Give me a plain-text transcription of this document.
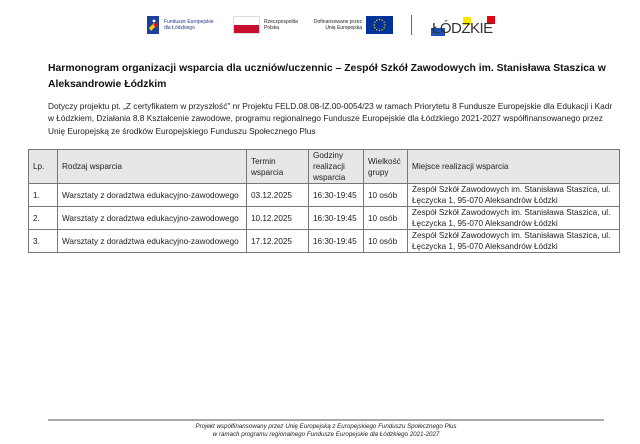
Fundusze Europejskie
dla Łódzkiego
Rzeczpospolita
Polska
Dofinansowane przez
Unię Europejską	ŁÓDZKIE
Harmonogram organizacji wsparcia dla uczniów/uczennic – Zespół Szkół Zawodowych im. Stanisława Staszica w Aleksandrowie Łódzkim
Dotyczy projektu pt. „Z certyfikatem w przyszłość" nr Projektu FELD.08.08-IZ.00-0054/23 w ramach Priorytetu 8 Fundusze Europejskie dla Edukacji i Kadr w Łódzkiem, Działania 8.8 Kształcenie zawodowe, programu regionalnego Fundusze Europejskie dla Łódzkiego 2021-2027 współfinansowanego przez Unię Europejską ze środków Europejskiego Funduszu Społecznego Plus
Lp.	Rodzaj wsparcia	Termin wsparcia	Godziny realizacji wsparcia	Wielkość grupy	Miejsce realizacji wsparcia
1.	Warsztaty z doradztwa edukacyjno-zawodowego	03.12.2025	16:30-19:45	10 osób	Zespół Szkół Zawodowych im. Stanisława Staszica, ul. Łęczycka 1, 95-070 Aleksandrów Łódzki
2.	Warsztaty z doradztwa edukacyjno-zawodowego	10.12.2025	16:30-19:45	10 osób	Zespół Szkół Zawodowych im. Stanisława Staszica, ul. Łęczycka 1, 95-070 Aleksandrów Łódzki
3.	Warsztaty z doradztwa edukacyjno-zawodowego	17.12.2025	16:30-19:45	10 osób	Zespół Szkół Zawodowych im. Stanisława Staszica, ul. Łęczycka 1, 95-070 Aleksandrów Łódzki
Projekt współfinansowany przez Unię Europejską z Europejskiego Funduszu Społecznego Plus
w ramach programu regionalnego Fundusze Europejskie dla Łódzkiego 2021-2027
